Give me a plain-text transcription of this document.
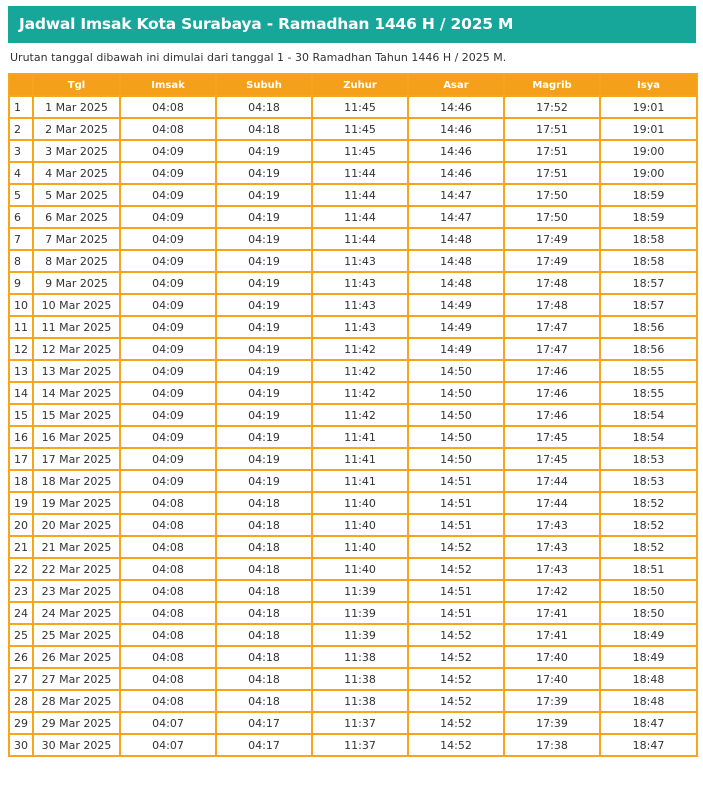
Jadwal Imsak Kota Surabaya - Ramadhan 1446 H / 2025 M
Urutan tanggal dibawah ini dimulai dari tanggal 1 - 30 Ramadhan Tahun 1446 H / 2025 M.
	Tgl	Imsak	Subuh	Zuhur	Asar	Magrib	Isya
1	1 Mar 2025	04:08	04:18	11:45	14:46	17:52	19:01
2	2 Mar 2025	04:08	04:18	11:45	14:46	17:51	19:01
3	3 Mar 2025	04:09	04:19	11:45	14:46	17:51	19:00
4	4 Mar 2025	04:09	04:19	11:44	14:46	17:51	19:00
5	5 Mar 2025	04:09	04:19	11:44	14:47	17:50	18:59
6	6 Mar 2025	04:09	04:19	11:44	14:47	17:50	18:59
7	7 Mar 2025	04:09	04:19	11:44	14:48	17:49	18:58
8	8 Mar 2025	04:09	04:19	11:43	14:48	17:49	18:58
9	9 Mar 2025	04:09	04:19	11:43	14:48	17:48	18:57
10	10 Mar 2025	04:09	04:19	11:43	14:49	17:48	18:57
11	11 Mar 2025	04:09	04:19	11:43	14:49	17:47	18:56
12	12 Mar 2025	04:09	04:19	11:42	14:49	17:47	18:56
13	13 Mar 2025	04:09	04:19	11:42	14:50	17:46	18:55
14	14 Mar 2025	04:09	04:19	11:42	14:50	17:46	18:55
15	15 Mar 2025	04:09	04:19	11:42	14:50	17:46	18:54
16	16 Mar 2025	04:09	04:19	11:41	14:50	17:45	18:54
17	17 Mar 2025	04:09	04:19	11:41	14:50	17:45	18:53
18	18 Mar 2025	04:09	04:19	11:41	14:51	17:44	18:53
19	19 Mar 2025	04:08	04:18	11:40	14:51	17:44	18:52
20	20 Mar 2025	04:08	04:18	11:40	14:51	17:43	18:52
21	21 Mar 2025	04:08	04:18	11:40	14:52	17:43	18:52
22	22 Mar 2025	04:08	04:18	11:40	14:52	17:43	18:51
23	23 Mar 2025	04:08	04:18	11:39	14:51	17:42	18:50
24	24 Mar 2025	04:08	04:18	11:39	14:51	17:41	18:50
25	25 Mar 2025	04:08	04:18	11:39	14:52	17:41	18:49
26	26 Mar 2025	04:08	04:18	11:38	14:52	17:40	18:49
27	27 Mar 2025	04:08	04:18	11:38	14:52	17:40	18:48
28	28 Mar 2025	04:08	04:18	11:38	14:52	17:39	18:48
29	29 Mar 2025	04:07	04:17	11:37	14:52	17:39	18:47
30	30 Mar 2025	04:07	04:17	11:37	14:52	17:38	18:47
